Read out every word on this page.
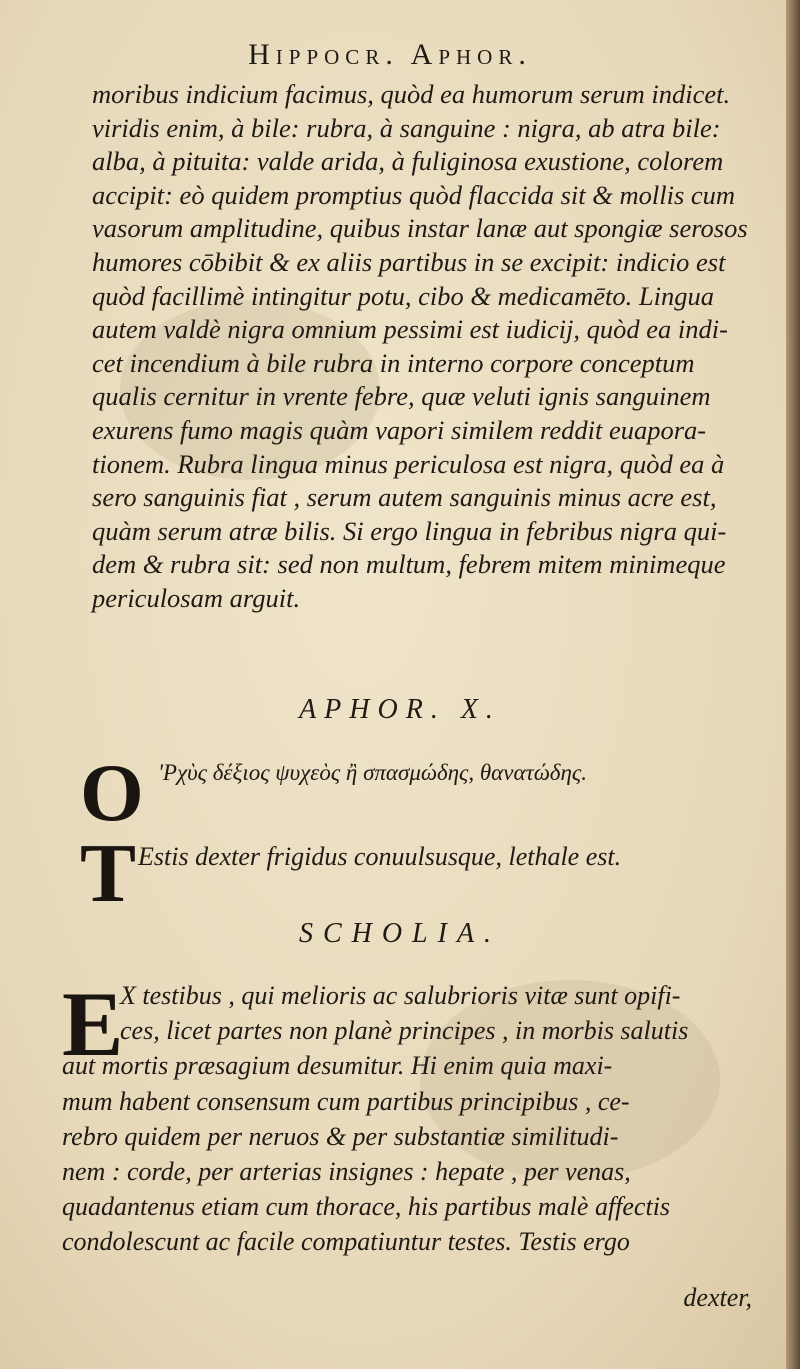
Hippocr. Aphor.
moribus indicium facimus, quòd ea humorum serum indicet.
viridis enim, à bile: rubra, à sanguine : nigra, ab atra bile:
alba, à pituita: valde arida, à fuliginosa exustione, colorem
accipit: eò quidem promptius quòd flaccida sit & mollis cum
vasorum amplitudine, quibus instar lanæ aut spongiæ serosos
humores cōbibit & ex aliis partibus in se excipit: indicio est
quòd facillimè intingitur potu, cibo & medicamēto. Lingua
autem valdè nigra omnium pessimi est iudicij, quòd ea indi-
cet incendium à bile rubra in interno corpore conceptum
qualis cernitur in vrente febre, quæ veluti ignis sanguinem
exurens fumo magis quàm vapori similem reddit euapora-
tionem. Rubra lingua minus periculosa est nigra, quòd ea à
sero sanguinis fiat , serum autem sanguinis minus acre est,
quàm serum atræ bilis. Si ergo lingua in febribus nigra qui-
dem & rubra sit: sed non multum, febrem mitem minimeque
periculosam arguit.
APHOR. X.
O 'Ρχὺς δέξιος ψυχεὸς ἢ σπασμώδης, θανατώδης.
T Estis dexter frigidus conuulsusque, lethale est.
SCHOLIA.
E
X testibus , qui melioris ac salubrioris vitæ sunt opifi-
ces, licet partes non planè principes , in morbis salutis
aut mortis præsagium desumitur. Hi enim quia maxi-
mum habent consensum cum partibus principibus , ce-
rebro quidem per neruos & per substantiæ similitudi-
nem : corde, per arterias insignes : hepate , per venas,
quadantenus etiam cum thorace, his partibus malè affectis
condolescunt ac facile compatiuntur testes. Testis ergo
dexter,
